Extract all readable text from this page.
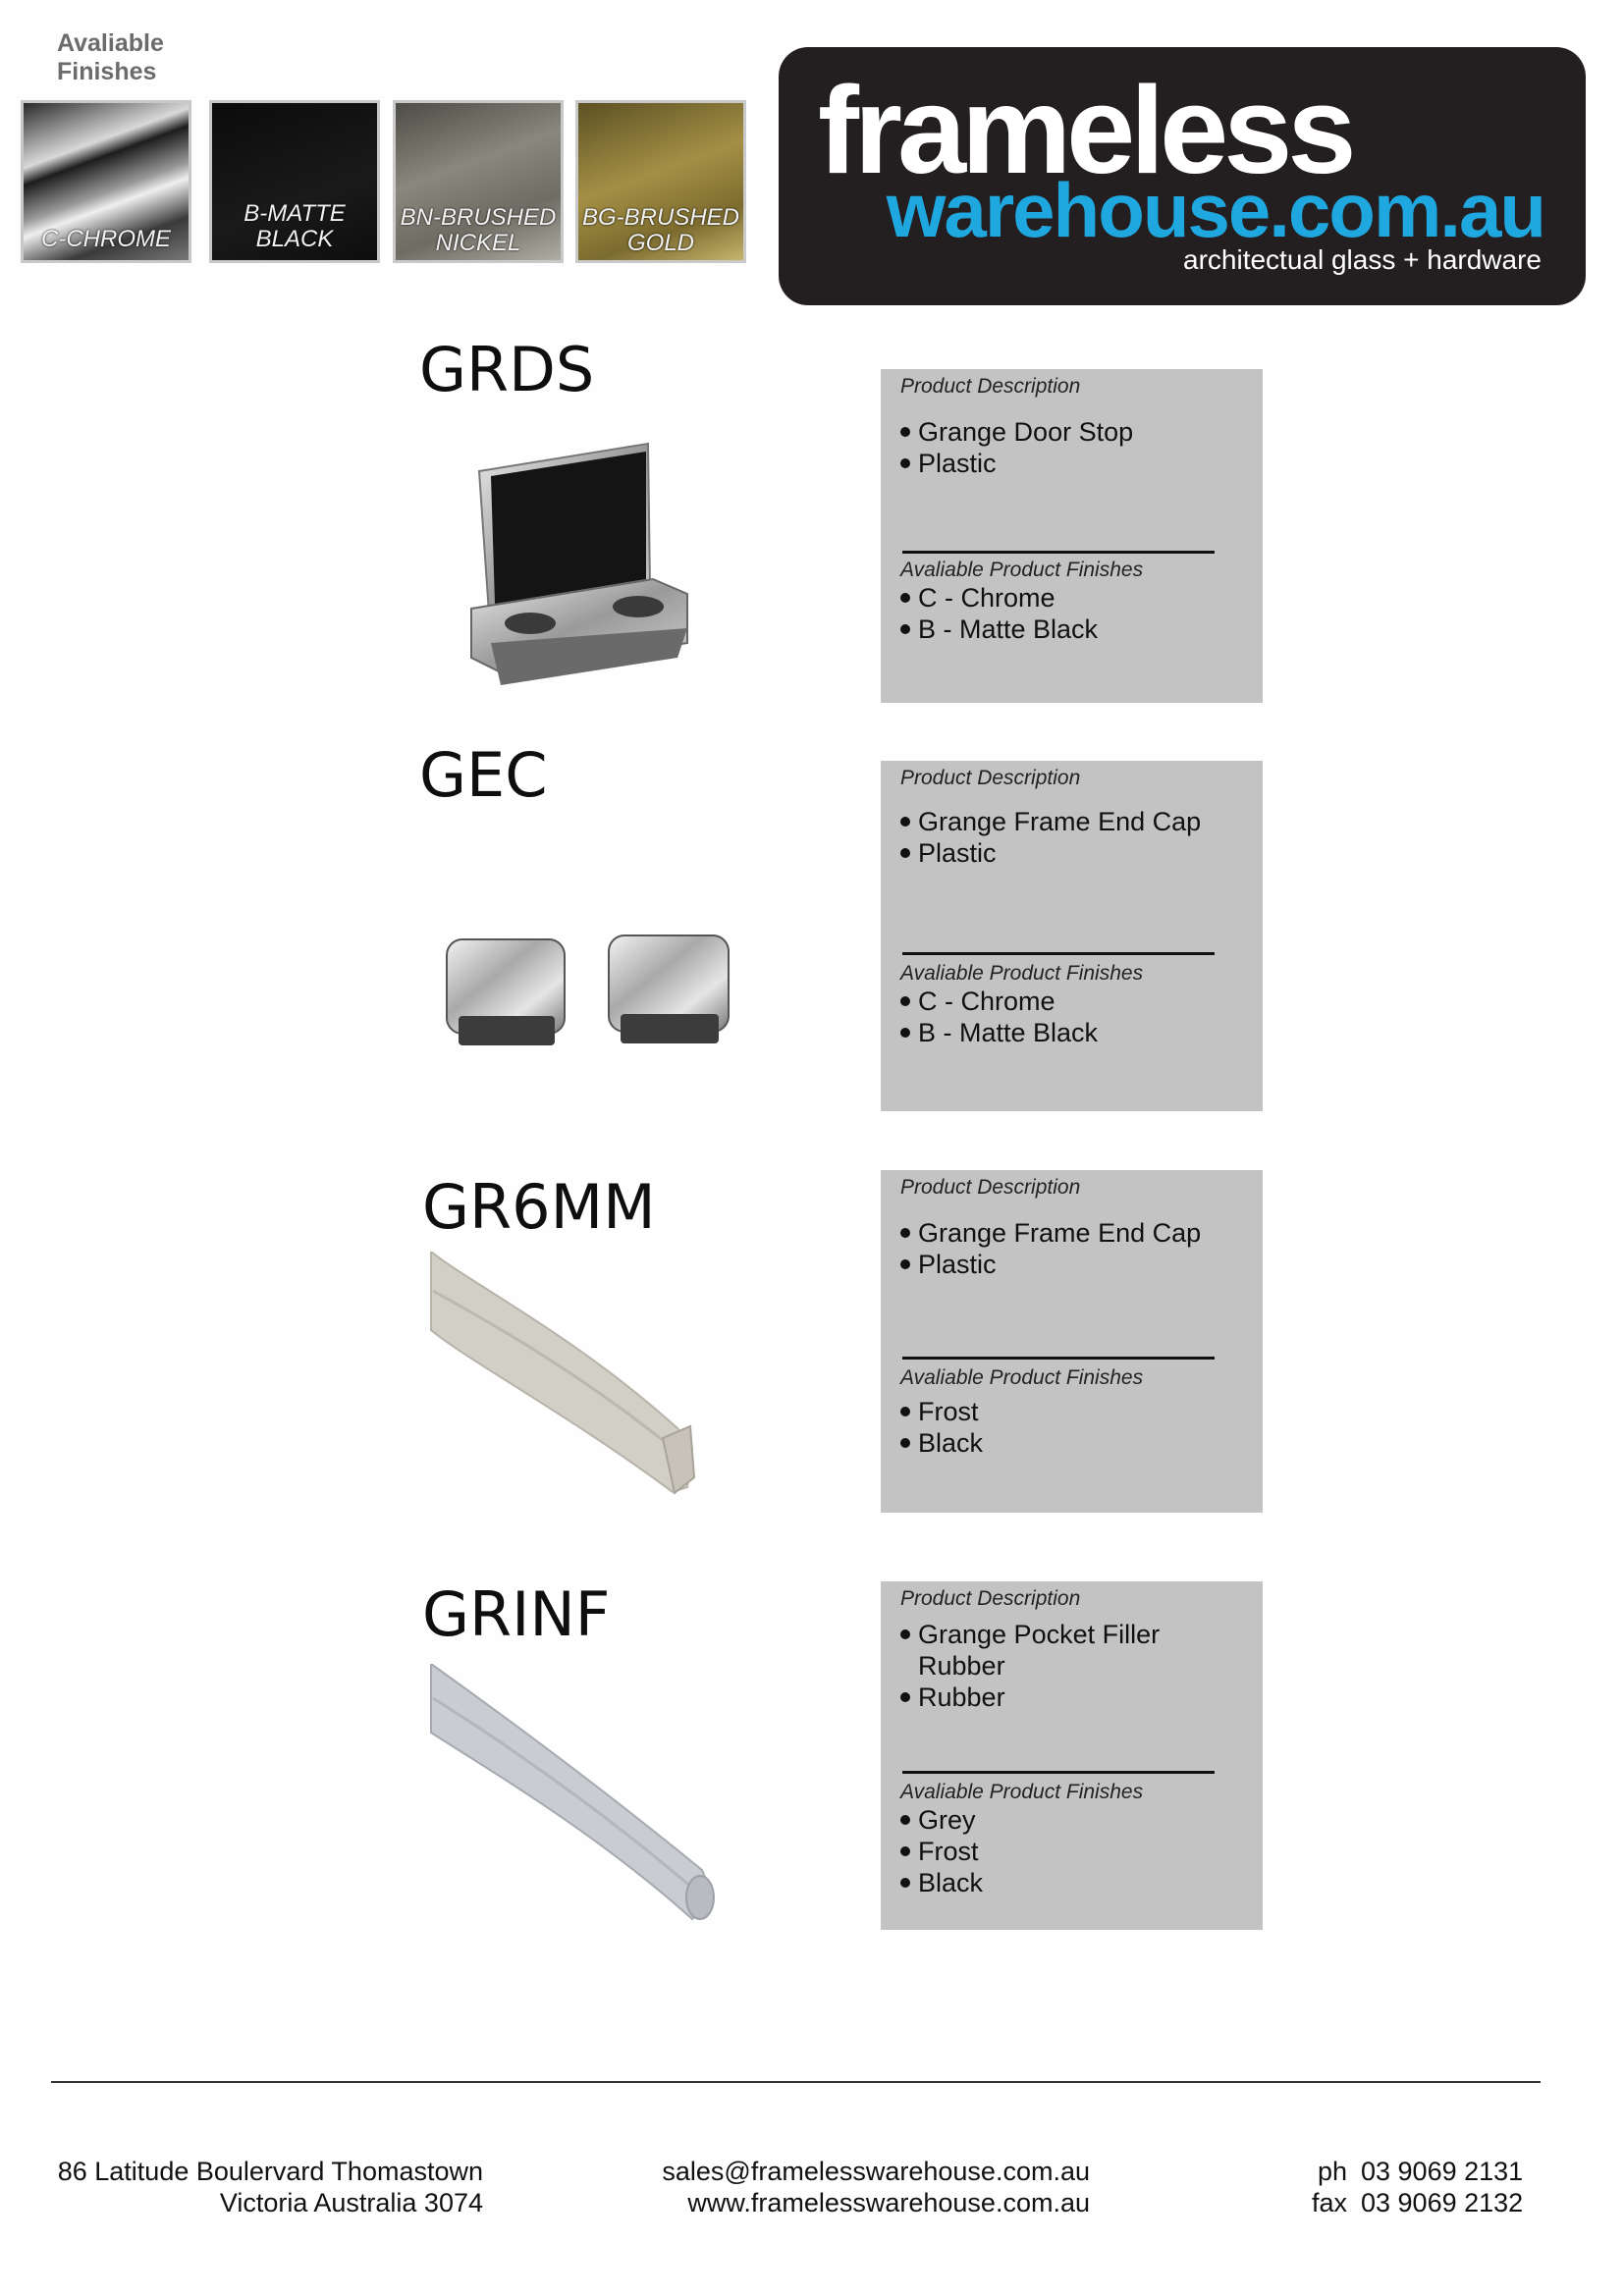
Avaliable
Finishes
C-CHROME
B-MATTE
BLACK
BN-BRUSHED
NICKEL
BG-BRUSHED
GOLD
frameless
warehouse.com.au
architectual glass + hardware
GRDS	Product Description
Grange Door Stop
Plastic
Avaliable Product Finishes
C - Chrome
B - Matte Black
GEC	Product Description
Grange Frame End Cap
Plastic
Avaliable Product Finishes
C - Chrome
B - Matte Black
GR6MM	Product Description
Grange Frame End Cap
Plastic
Avaliable Product Finishes
Frost
Black
GRINF	Product Description
Grange Pocket Filler Rubber
Rubber
Avaliable Product Finishes
Grey
Frost
Black
86 Latitude Boulervard Thomastown
Victoria Australia 3074
sales@framelesswarehouse.com.au
www.framelesswarehouse.com.au
ph 03 9069 2131
fax 03 9069 2132
